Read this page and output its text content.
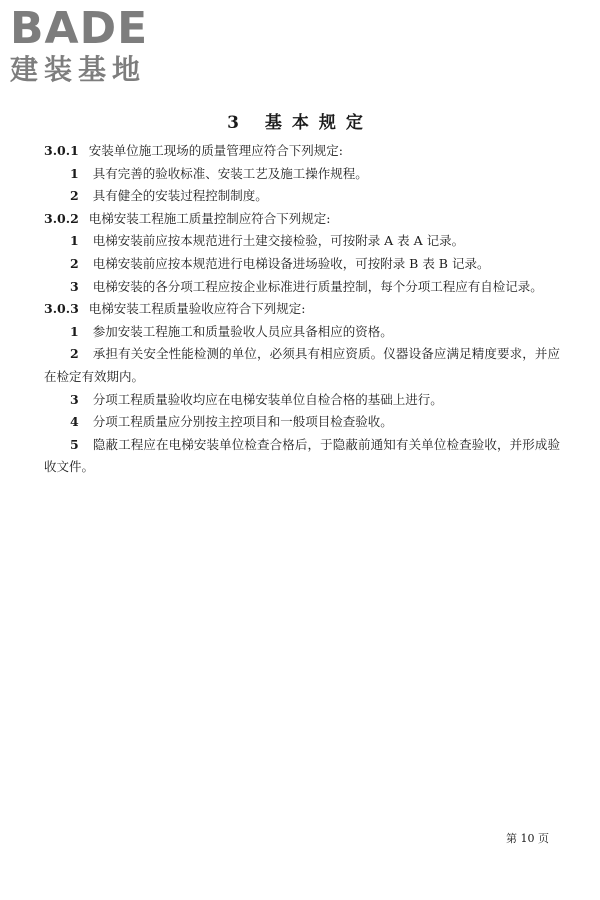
BADE
建装基地
3 基本规定
3.0.1 安装单位施工现场的质量管理应符合下列规定:
1 具有完善的验收标准、安装工艺及施工操作规程。
2 具有健全的安装过程控制制度。
3.0.2 电梯安装工程施工质量控制应符合下列规定:
1 电梯安装前应按本规范进行土建交接检验，可按附录 A 表 A 记录。
2 电梯安装前应按本规范进行电梯设备进场验收，可按附录 B 表 B 记录。
3 电梯安装的各分项工程应按企业标准进行质量控制，每个分项工程应有自检记录。
3.0.3 电梯安装工程质量验收应符合下列规定:
1 参加安装工程施工和质量验收人员应具备相应的资格。
2 承担有关安全性能检测的单位，必须具有相应资质。仪器设备应满足精度要求，并应在检定有效期内。
3 分项工程质量验收均应在电梯安装单位自检合格的基础上进行。
4 分项工程质量应分别按主控项目和一般项目检查验收。
5 隐蔽工程应在电梯安装单位检查合格后，于隐蔽前通知有关单位检查验收，并形成验收文件。
第 10 页
